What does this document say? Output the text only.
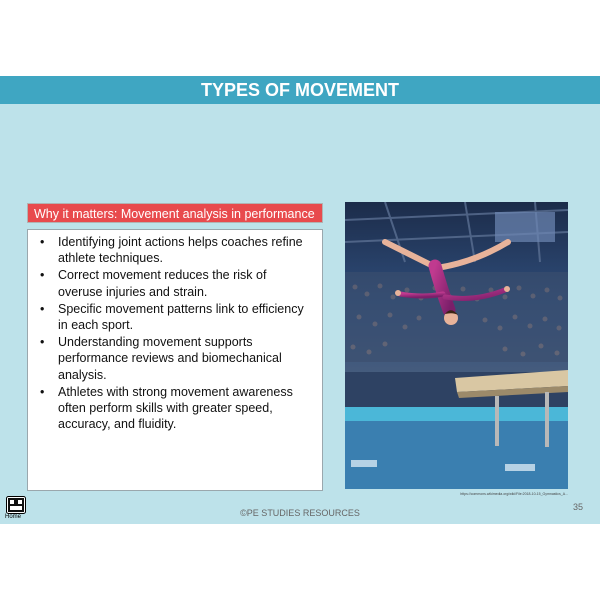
TYPES OF MOVEMENT
Why it matters: Movement analysis in performance
• Identifying joint actions helps coaches refine athlete techniques.
• Correct movement reduces the risk of overuse injuries and strain.
• Specific movement patterns link to efficiency in each sport.
• Understanding movement supports performance reviews and biomechanical analysis.
• Athletes with strong movement awareness often perform skills with greater speed, accuracy, and fluidity.
https://commons.wikimedia.org/wiki/File:2018-10-15_Gymnastics_A...
Home	©PE STUDIES RESOURCES
35
